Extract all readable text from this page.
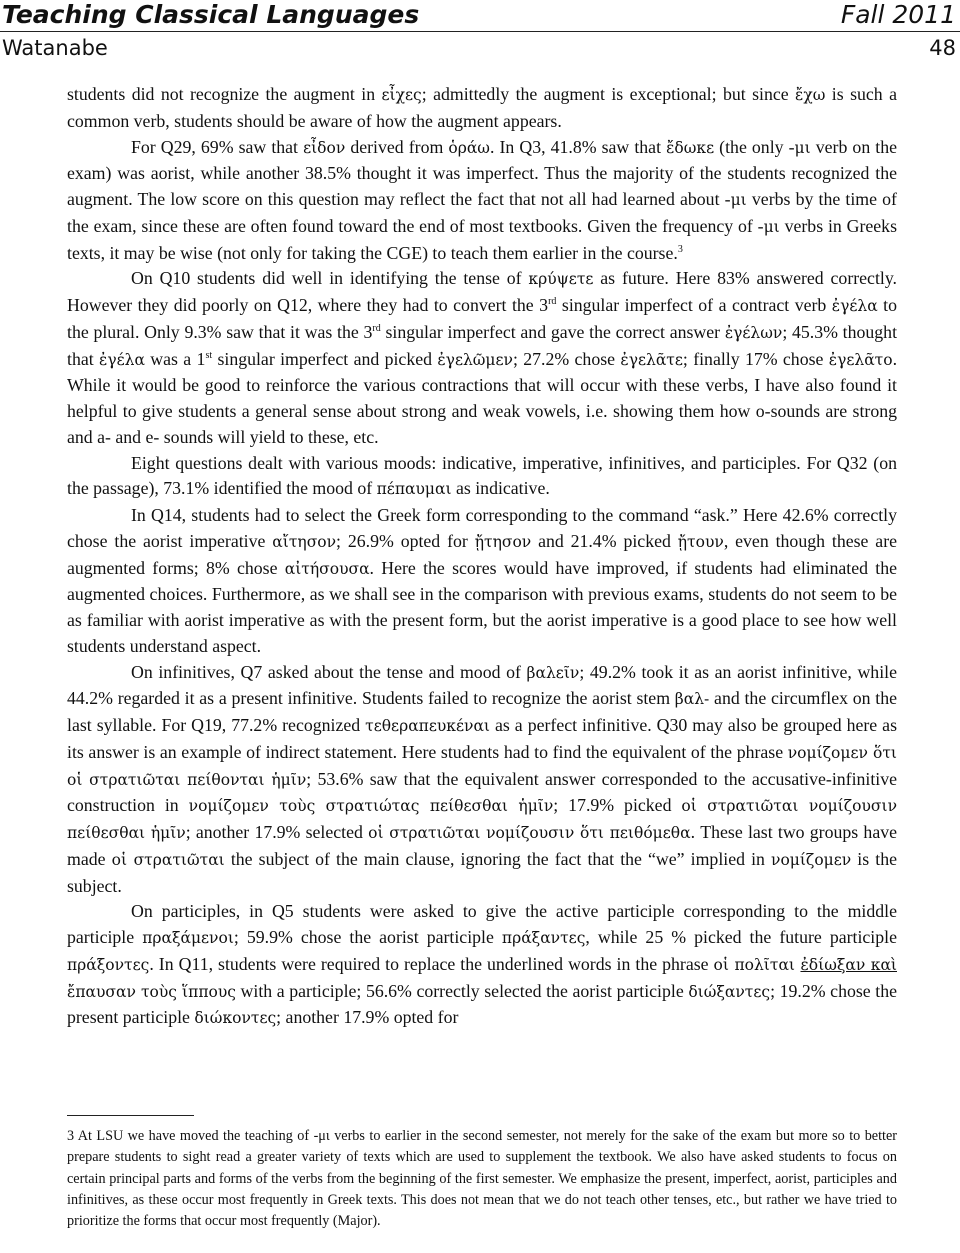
Teaching Classical Languages	Fall 2011
Watanabe	48

students did not recognize the augment in εἶχες; admittedly the augment is exceptional; but since ἔχω is such a common verb, students should be aware of how the augment appears.

For Q29, 69% saw that εἶδον derived from ὁράω. In Q3, 41.8% saw that ἔδωκε (the only -μι verb on the exam) was aorist, while another 38.5% thought it was imperfect. Thus the majority of the students recognized the augment. The low score on this question may reflect the fact that not all had learned about -μι verbs by the time of the exam, since these are often found toward the end of most textbooks. Given the frequency of -μι verbs in Greeks texts, it may be wise (not only for taking the CGE) to teach them earlier in the course.$^3$

On Q10 students did well in identifying the tense of κρύψετε as future. Here 83% answered correctly. However they did poorly on Q12, where they had to convert the 3rd singular imperfect of a contract verb ἐγέλα to the plural. Only 9.3% saw that it was the 3rd singular imperfect and gave the correct answer ἐγέλων; 45.3% thought that ἐγέλα was a 1st singular imperfect and picked ἐγελῶμεν; 27.2% chose ἐγελᾶτε; finally 17% chose ἐγελᾶτο. While it would be good to reinforce the various contractions that will occur with these verbs, I have also found it helpful to give students a general sense about strong and weak vowels, i.e. showing them how o-sounds are strong and a- and e- sounds will yield to these, etc.

Eight questions dealt with various moods: indicative, imperative, infinitives, and participles. For Q32 (on the passage), 73.1% identified the mood of πέπαυμαι as indicative.

In Q14, students had to select the Greek form corresponding to the command “ask.” Here 42.6% correctly chose the aorist imperative αἴτησον; 26.9% opted for ᾔτησον and 21.4% picked ᾔτουν, even though these are augmented forms; 8% chose αἰτήσουσα. Here the scores would have improved, if students had eliminated the augmented choices. Furthermore, as we shall see in the comparison with previous exams, students do not seem to be as familiar with aorist imperative as with the present form, but the aorist imperative is a good place to see how well students understand aspect.

On infinitives, Q7 asked about the tense and mood of βαλεῖν; 49.2% took it as an aorist infinitive, while 44.2% regarded it as a present infinitive. Students failed to recognize the aorist stem βαλ- and the circumflex on the last syllable. For Q19, 77.2% recognized τεθεραπευκέναι as a perfect infinitive. Q30 may also be grouped here as its answer is an example of indirect statement. Here students had to find the equivalent of the phrase νομίζομεν ὅτι οἱ στρατιῶται πείθονται ἡμῖν; 53.6% saw that the equivalent answer corresponded to the accusative-infinitive construction in νομίζομεν τοὺς στρατιώτας πείθεσθαι ἡμῖν; 17.9% picked οἱ στρατιῶται νομίζουσιν πείθεσθαι ἡμῖν; another 17.9% selected οἱ στρατιῶται νομίζουσιν ὅτι πειθόμεθα. These last two groups have made οἱ στρατιῶται the subject of the main clause, ignoring the fact that the “we” implied in νομίζομεν is the subject.

On participles, in Q5 students were asked to give the active participle corresponding to the middle participle πραξάμενοι; 59.9% chose the aorist participle πράξαντες, while 25 % picked the future participle πράξοντες. In Q11, students were required to replace the underlined words in the phrase οἱ πολῖται ἐδίωξαν καὶ ἔπαυσαν τοὺς ἵππους with a participle; 56.6% correctly selected the aorist participle διώξαντες; 19.2% chose the present participle διώκοντες; another 17.9% opted for

3 At LSU we have moved the teaching of -μι verbs to earlier in the second semester, not merely for the sake of the exam but more so to better prepare students to sight read a greater variety of texts which are used to supplement the textbook. We also have asked students to focus on certain principal parts and forms of the verbs from the beginning of the first semester. We emphasize the present, imperfect, aorist, participles and infinitives, as these occur most frequently in Greek texts. This does not mean that we do not teach other tenses, etc., but rather we have tried to prioritize the forms that occur most frequently (Major).
